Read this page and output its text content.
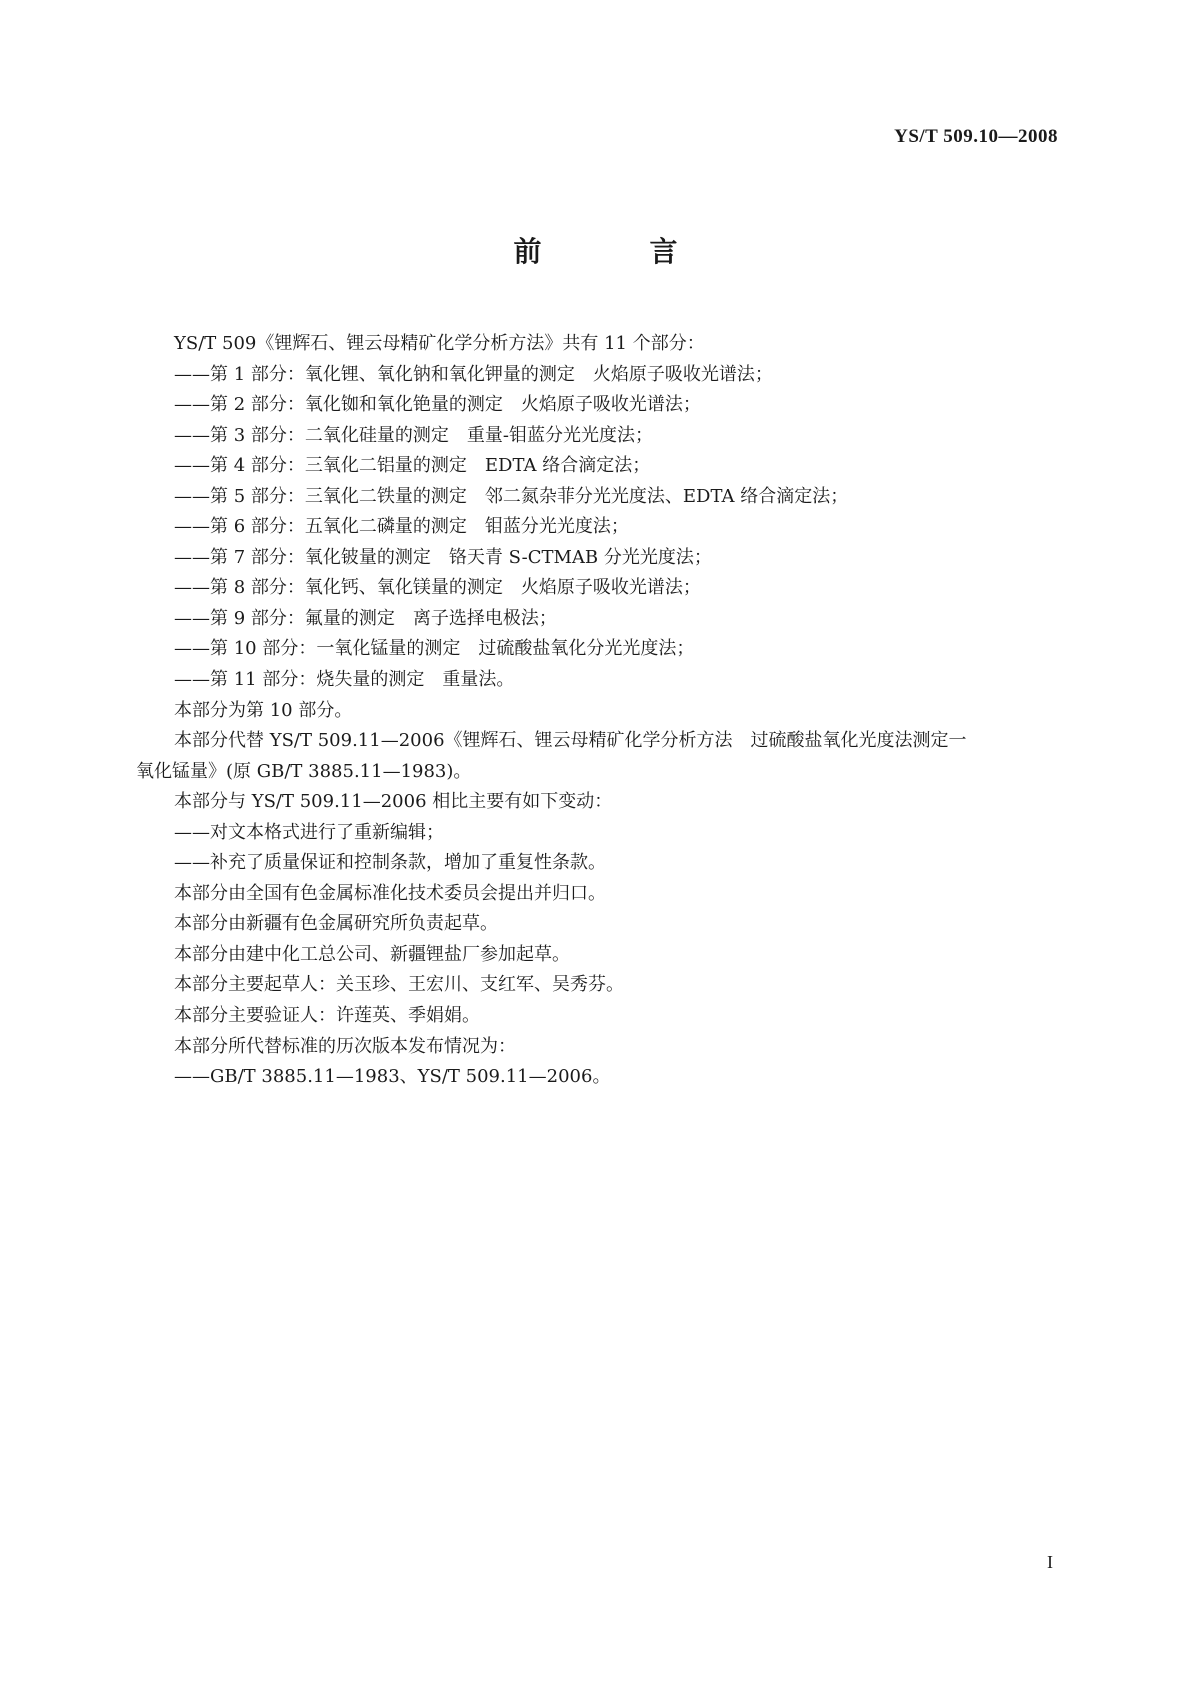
YS/T 509.10—2008
前　言
YS/T 509《锂辉石、锂云母精矿化学分析方法》共有 11 个部分：
——第 1 部分：氧化锂、氧化钠和氧化钾量的测定　火焰原子吸收光谱法；
——第 2 部分：氧化铷和氧化铯量的测定　火焰原子吸收光谱法；
——第 3 部分：二氧化硅量的测定　重量-钼蓝分光光度法；
——第 4 部分：三氧化二铝量的测定　EDTA 络合滴定法；
——第 5 部分：三氧化二铁量的测定　邻二氮杂菲分光光度法、EDTA 络合滴定法；
——第 6 部分：五氧化二磷量的测定　钼蓝分光光度法；
——第 7 部分：氧化铍量的测定　铬天青 S-CTMAB 分光光度法；
——第 8 部分：氧化钙、氧化镁量的测定　火焰原子吸收光谱法；
——第 9 部分：氟量的测定　离子选择电极法；
——第 10 部分：一氧化锰量的测定　过硫酸盐氧化分光光度法；
——第 11 部分：烧失量的测定　重量法。
本部分为第 10 部分。
本部分代替 YS/T 509.11—2006《锂辉石、锂云母精矿化学分析方法　过硫酸盐氧化光度法测定一
氧化锰量》(原 GB/T 3885.11—1983)。
本部分与 YS/T 509.11—2006 相比主要有如下变动：
——对文本格式进行了重新编辑；
——补充了质量保证和控制条款，增加了重复性条款。
本部分由全国有色金属标准化技术委员会提出并归口。
本部分由新疆有色金属研究所负责起草。
本部分由建中化工总公司、新疆锂盐厂参加起草。
本部分主要起草人：关玉珍、王宏川、支红军、吴秀芬。
本部分主要验证人：许莲英、季娟娟。
本部分所代替标准的历次版本发布情况为：
——GB/T 3885.11—1983、YS/T 509.11—2006。
I
